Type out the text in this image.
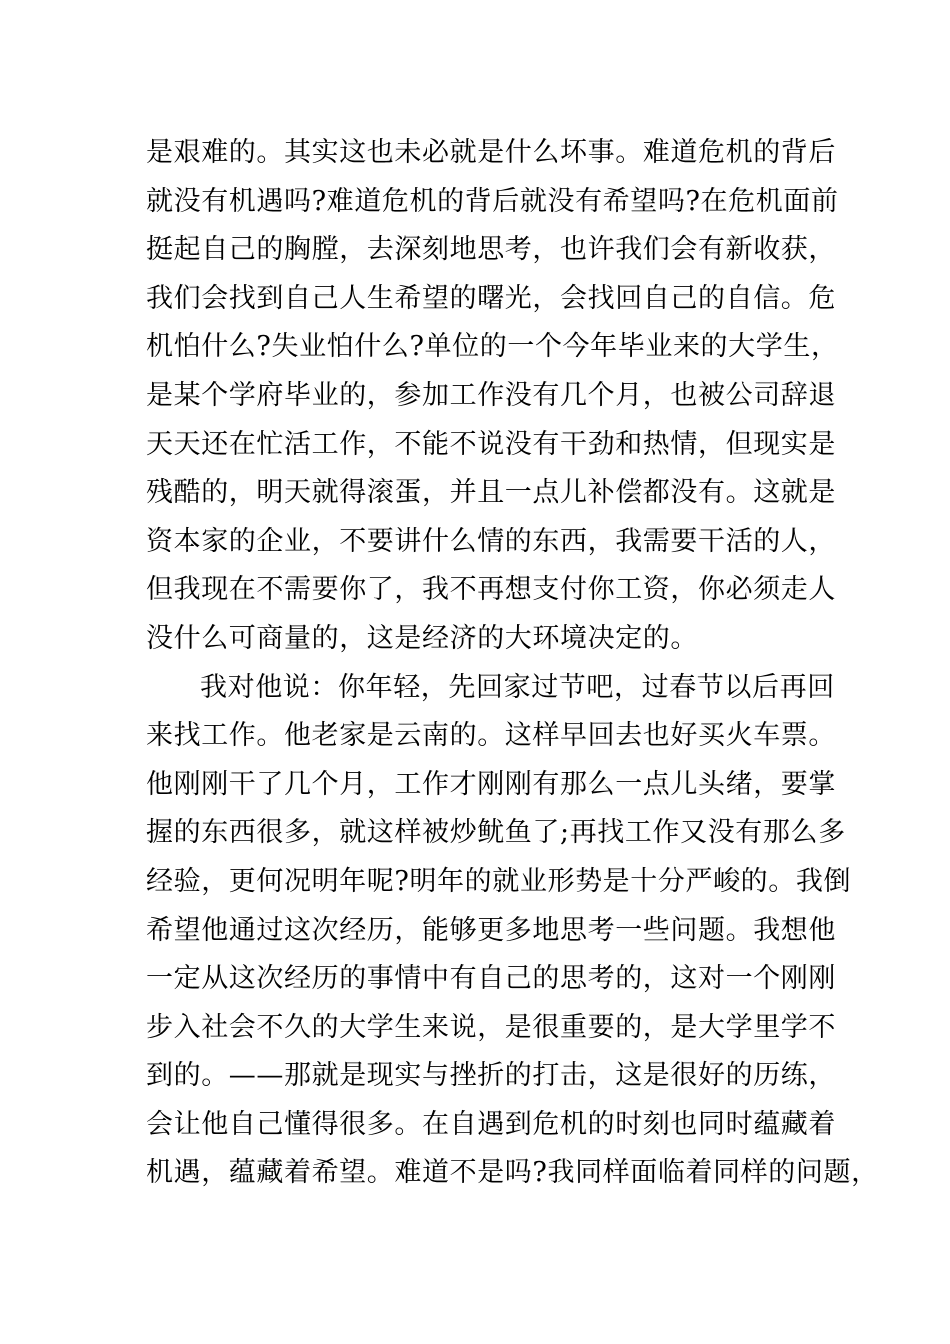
是艰难的。其实这也未必就是什么坏事。难道危机的背后
就没有机遇吗?难道危机的背后就没有希望吗?在危机面前
挺起自己的胸膛，去深刻地思考，也许我们会有新收获，
我们会找到自己人生希望的曙光，会找回自己的自信。危
机怕什么?失业怕什么?单位的一个今年毕业来的大学生，
是某个学府毕业的，参加工作没有几个月，也被公司辞退
天天还在忙活工作，不能不说没有干劲和热情，但现实是
残酷的，明天就得滚蛋，并且一点儿补偿都没有。这就是
资本家的企业，不要讲什么情的东西，我需要干活的人，
但我现在不需要你了，我不再想支付你工资，你必须走人
没什么可商量的，这是经济的大环境决定的。
我对他说：你年轻，先回家过节吧，过春节以后再回
来找工作。他老家是云南的。这样早回去也好买火车票。
他刚刚干了几个月，工作才刚刚有那么一点儿头绪，要掌
握的东西很多，就这样被炒鱿鱼了;再找工作又没有那么多
经验，更何况明年呢?明年的就业形势是十分严峻的。我倒
希望他通过这次经历，能够更多地思考一些问题。我想他
一定从这次经历的事情中有自己的思考的，这对一个刚刚
步入社会不久的大学生来说，是很重要的，是大学里学不
到的。——那就是现实与挫折的打击，这是很好的历练，
会让他自己懂得很多。在自遇到危机的时刻也同时蕴藏着
机遇，蕴藏着希望。难道不是吗?我同样面临着同样的问题，
